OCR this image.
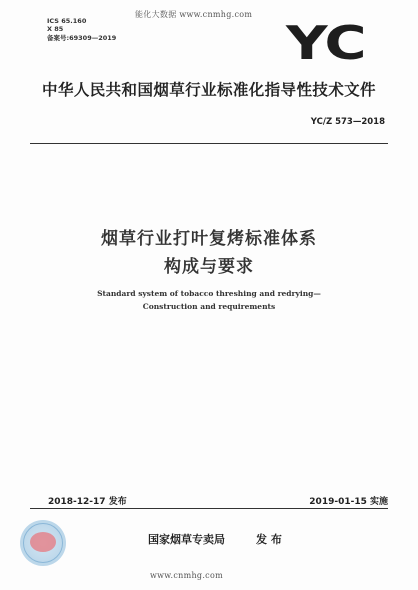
能化大数据 www.cnmhg.com
ICS 65.160
X 85
备案号:69309—2019	YC
中华人民共和国烟草行业标准化指导性技术文件
YC/Z 573—2018
烟草行业打叶复烤标准体系
构成与要求
Standard system of tobacco threshing and redrying—
Construction and requirements
2018-12-17 发布	2019-01-15 实施
国家烟草专卖局	发 布
www.cnmhg.com
